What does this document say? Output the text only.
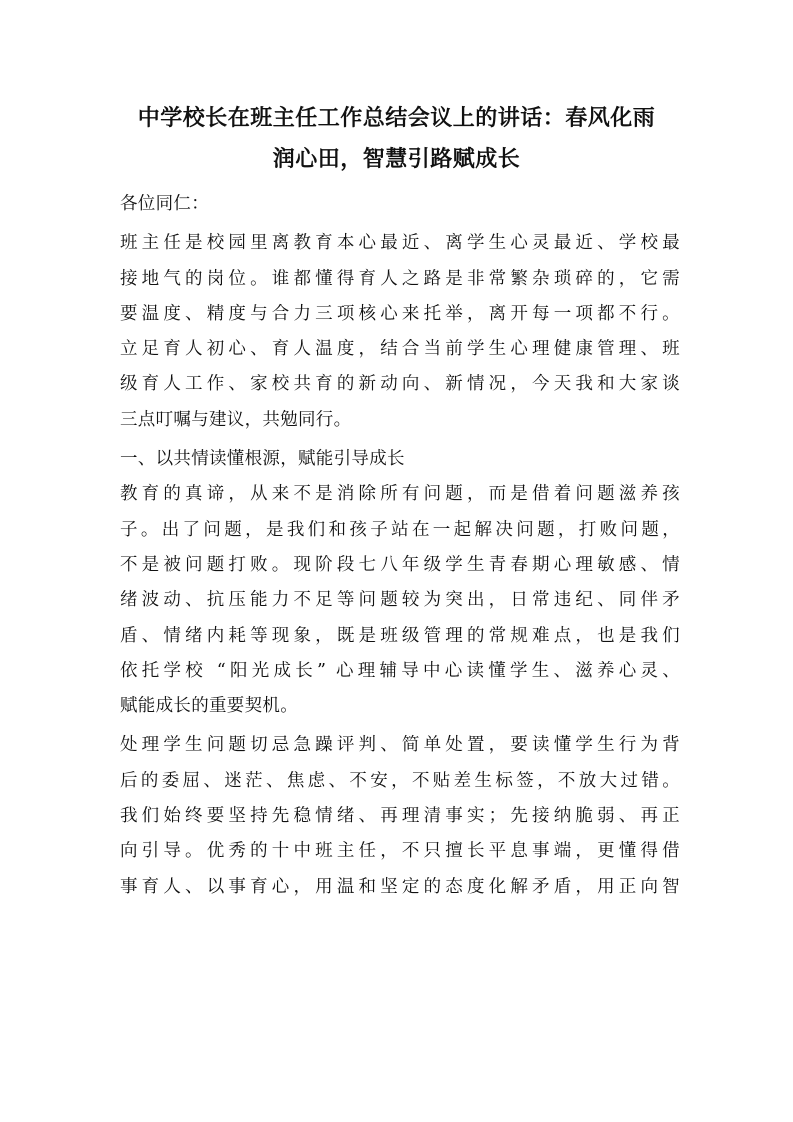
中学校长在班主任工作总结会议上的讲话：春风化雨
润心田，智慧引路赋成长
各位同仁：
班主任是校园里离教育本心最近、离学生心灵最近、学校最
接地气的岗位。谁都懂得育人之路是非常繁杂琐碎的，它需
要温度、精度与合力三项核心来托举，离开每一项都不行。
立足育人初心、育人温度，结合当前学生心理健康管理、班
级育人工作、家校共育的新动向、新情况，今天我和大家谈
三点叮嘱与建议，共勉同行。
一、以共情读懂根源，赋能引导成长
教育的真谛，从来不是消除所有问题，而是借着问题滋养孩
子。出了问题，是我们和孩子站在一起解决问题，打败问题，
不是被问题打败。现阶段七八年级学生青春期心理敏感、情
绪波动、抗压能力不足等问题较为突出，日常违纪、同伴矛
盾、情绪内耗等现象，既是班级管理的常规难点，也是我们
依托学校 “阳光成长” 心理辅导中心读懂学生、滋养心灵、
赋能成长的重要契机。
处理学生问题切忌急躁评判、简单处置，要读懂学生行为背
后的委屈、迷茫、焦虑、不安，不贴差生标签，不放大过错。
我们始终要坚持先稳情绪、再理清事实；先接纳脆弱、再正
向引导。优秀的十中班主任，不只擅长平息事端，更懂得借
事育人、以事育心，用温和坚定的态度化解矛盾，用正向智
